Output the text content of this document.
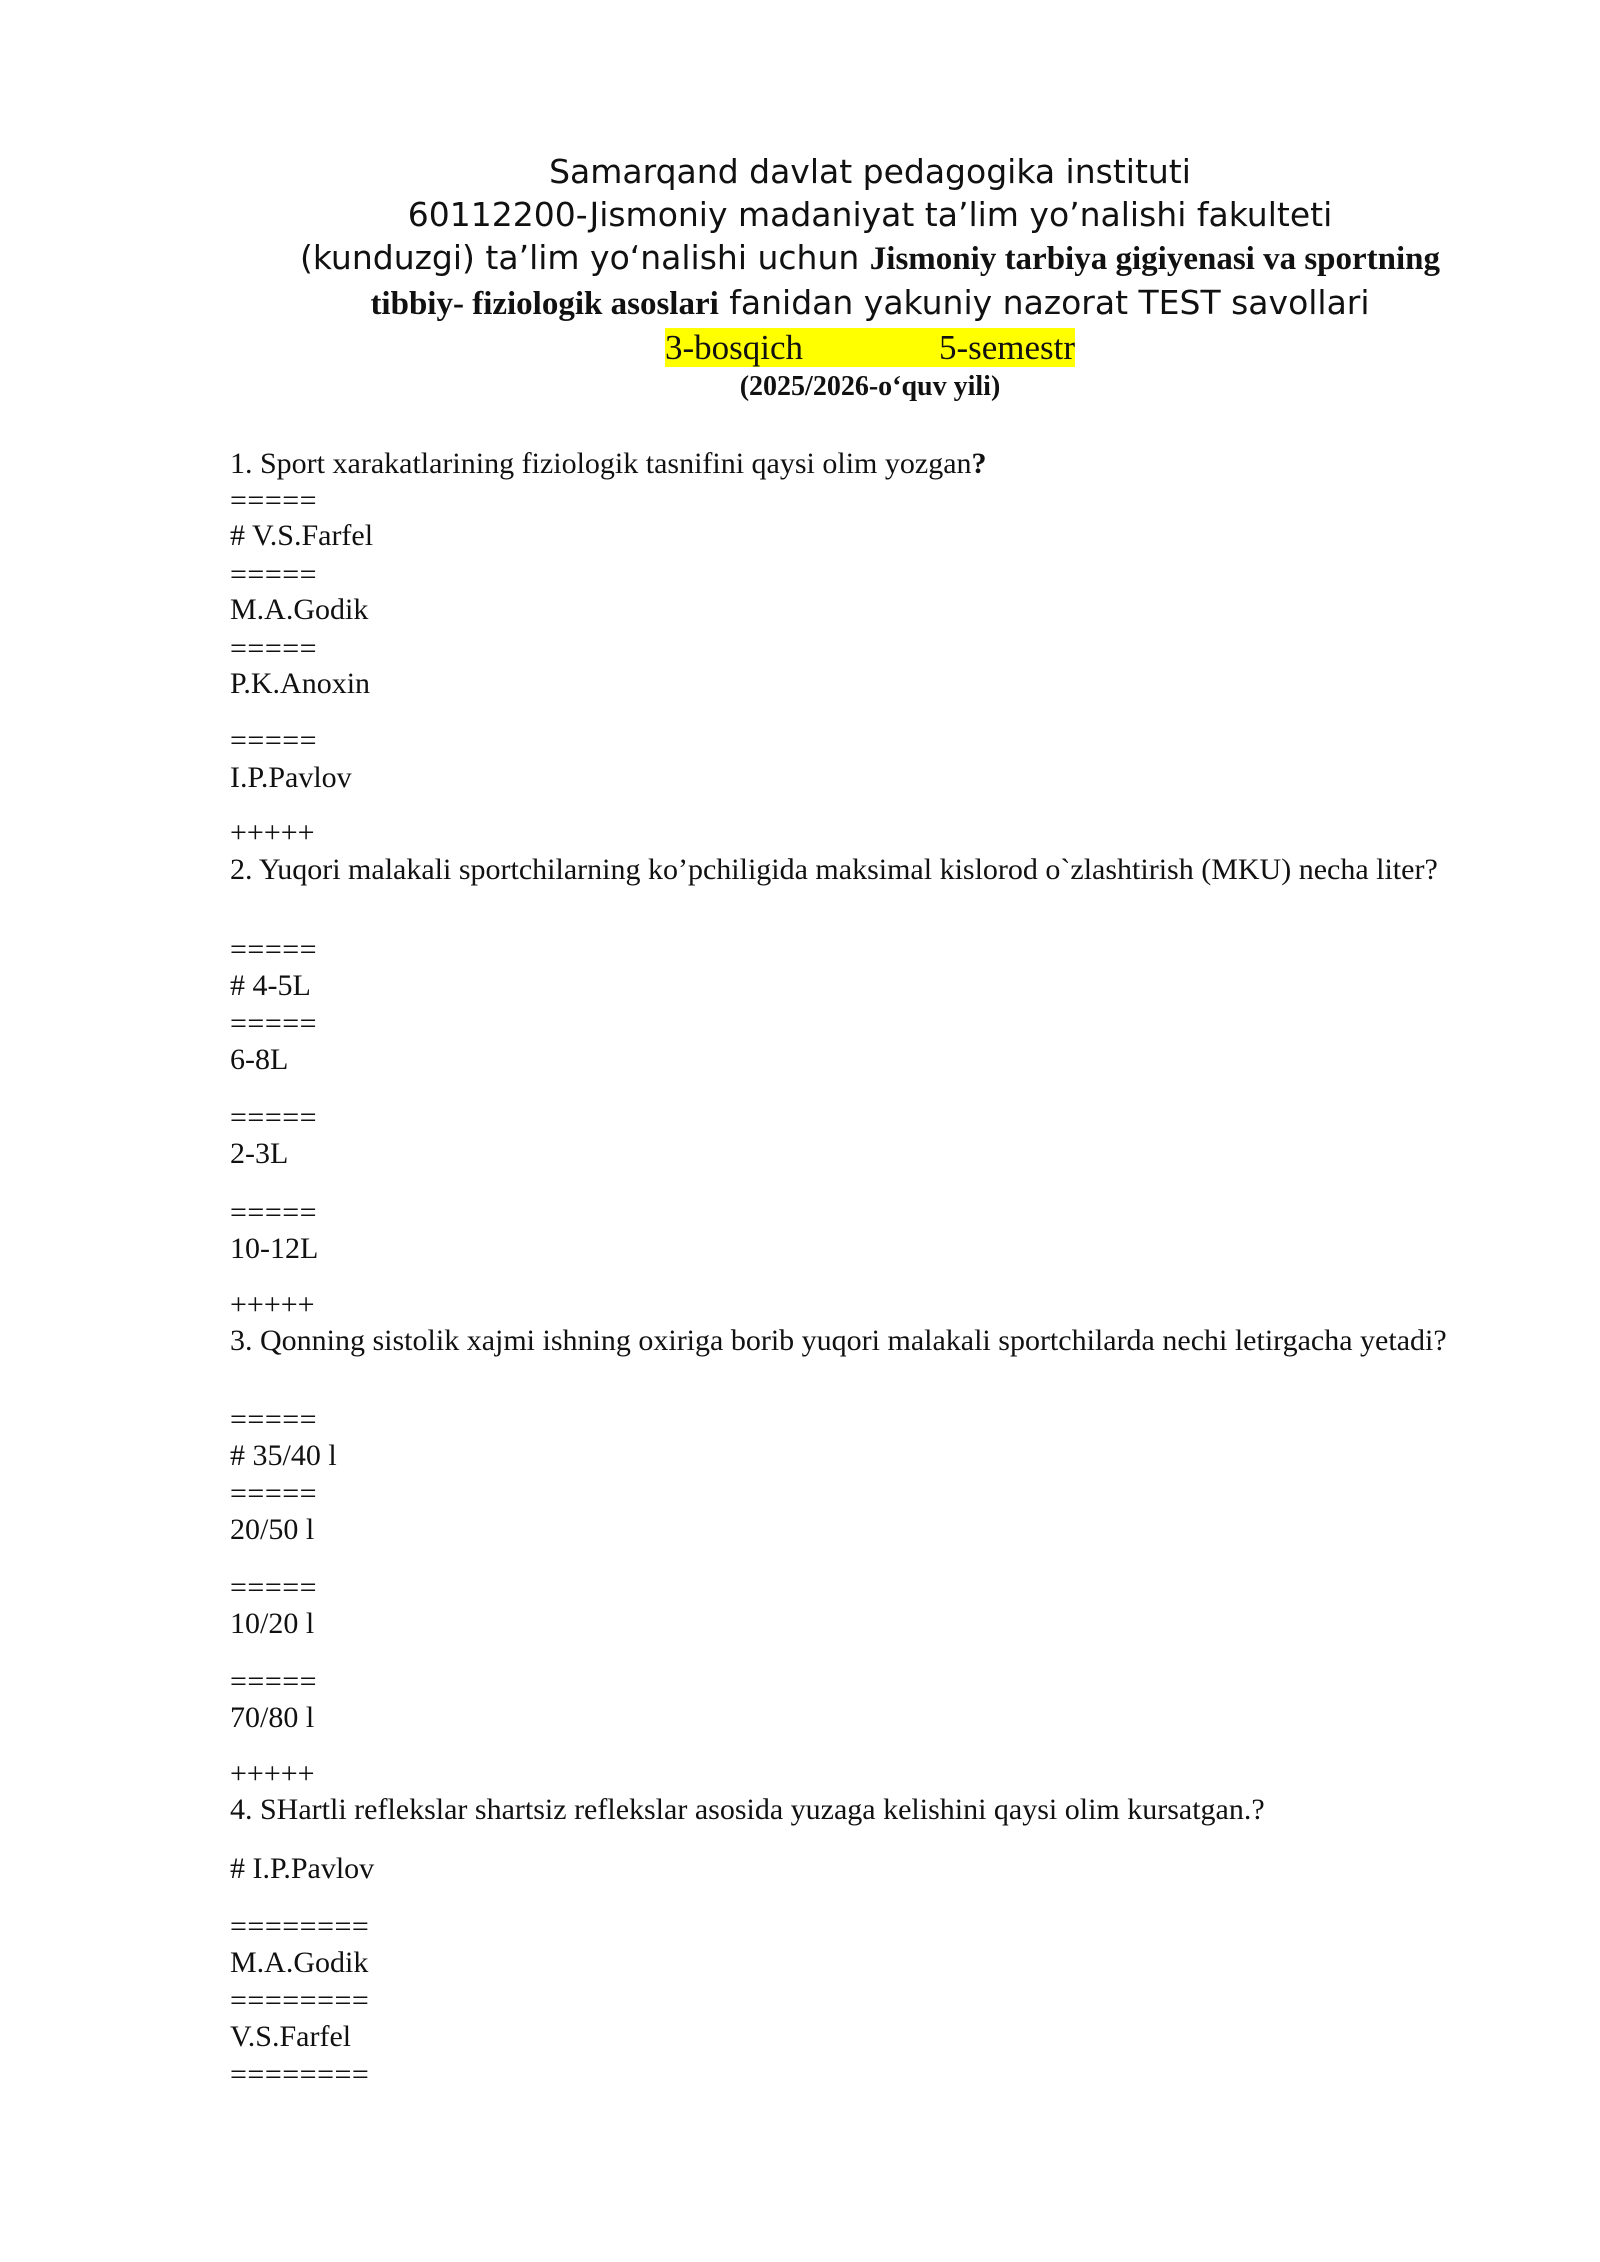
Samarqand davlat pedagogika instituti
60112200-Jismoniy madaniyat ta’lim yo’nalishi fakulteti
(kunduzgi) ta’lim yo‘nalishi uchun Jismoniy tarbiya gigiyenasi va sportning
tibbiy- fiziologik asoslari fanidan yakuniy nazorat TEST savollari
3-bosqich	5-semestr
(2025/2026-o‘quv yili)
1. Sport xarakatlarining fiziologik tasnifini qaysi olim yozgan?
=====
# V.S.Farfel
=====
M.A.Godik
=====
P.K.Anoxin
=====
I.P.Pavlov
+++++
2. Yuqori malakali sportchilarning ko’pchiligida maksimal kislorod o`zlashtirish (MKU) necha liter?
=====
# 4-5L
=====
6-8L
=====
2-3L
=====
10-12L
+++++
3. Qonning sistolik xajmi ishning oxiriga borib yuqori malakali sportchilarda nechi letirgacha yetadi?
=====
# 35/40 l
=====
20/50 l
=====
10/20 l
=====
70/80 l
+++++
4. SHartli reflekslar shartsiz reflekslar asosida yuzaga kelishini qaysi olim kursatgan.?
# I.P.Pavlov
========
M.A.Godik
========
V.S.Farfel
========
